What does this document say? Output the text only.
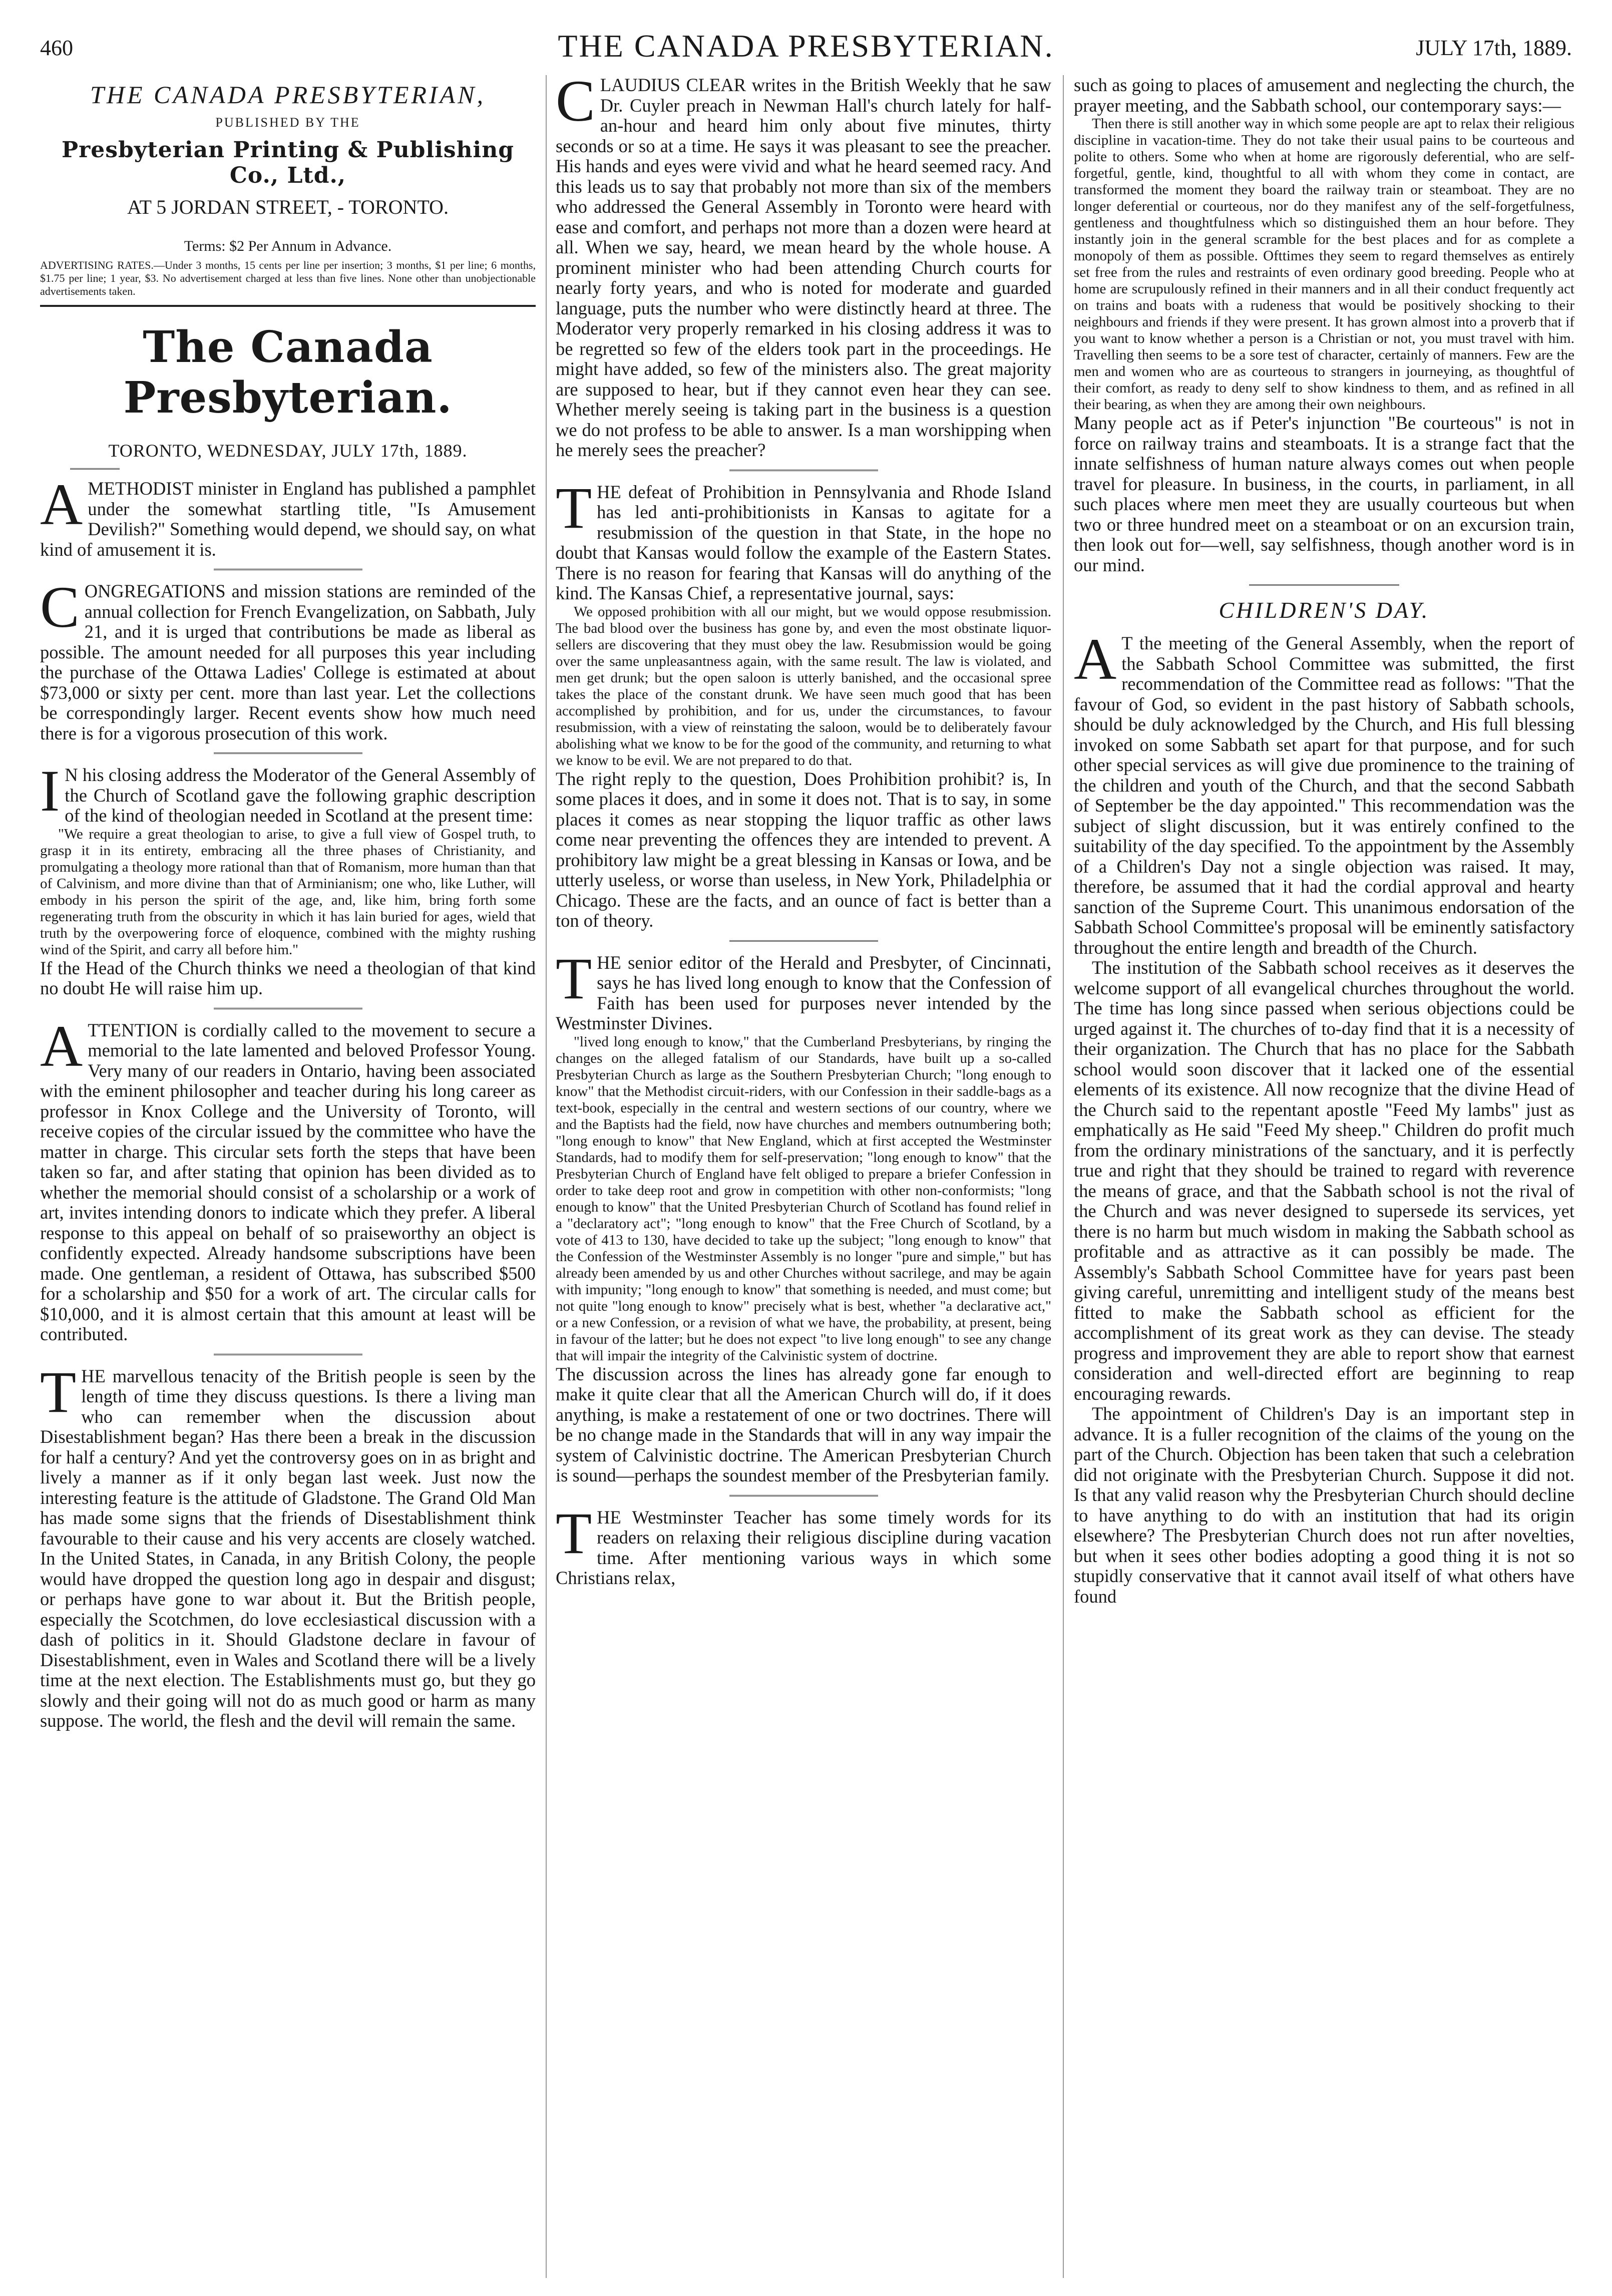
460	THE CANADA PRESBYTERIAN.	JULY 17th, 1889.
THE CANADA PRESBYTERIAN,
PUBLISHED BY THE
Presbyterian Printing & Publishing Co., Ltd.,
AT 5 JORDAN STREET, - TORONTO.
Terms: $2 Per Annum in Advance.
ADVERTISING RATES.—Under 3 months, 15 cents per line per insertion; 3 months, $1 per line; 6 months, $1.75 per line; 1 year, $3. No advertisement charged at less than five lines. None other than unobjectionable advertisements taken.
The Canada Presbyterian.
TORONTO, WEDNESDAY, JULY 17th, 1889.

AMETHODIST minister in England has published a pamphlet under the somewhat startling title, "Is Amusement Devilish?" Something would depend, we should say, on what kind of amusement it is.

CONGREGATIONS and mission stations are reminded of the annual collection for French Evangelization, on Sabbath, July 21, and it is urged that contributions be made as liberal as possible. The amount needed for all purposes this year including the purchase of the Ottawa Ladies' College is estimated at about $73,000 or sixty per cent. more than last year. Let the collections be correspondingly larger. Recent events show how much need there is for a vigorous prosecution of this work.

I N his closing address the Moderator of the General Assembly of the Church of Scotland gave the following graphic description of the kind of theologian needed in Scotland at the present time:

"We require a great theologian to arise, to give a full view of Gospel truth, to grasp it in its entirety, embracing all the three phases of Christianity, and promulgating a theology more rational than that of Romanism, more human than that of Calvinism, and more divine than that of Arminianism; one who, like Luther, will embody in his person the spirit of the age, and, like him, bring forth some regenerating truth from the obscurity in which it has lain buried for ages, wield that truth by the overpowering force of eloquence, combined with the mighty rushing wind of the Spirit, and carry all before him."

If the Head of the Church thinks we need a theologian of that kind no doubt He will raise him up.

ATTENTION is cordially called to the movement to secure a memorial to the late lamented and beloved Professor Young. Very many of our readers in Ontario, having been associated with the eminent philosopher and teacher during his long career as professor in Knox College and the University of Toronto, will receive copies of the circular issued by the committee who have the matter in charge. This circular sets forth the steps that have been taken so far, and after stating that opinion has been divided as to whether the memorial should consist of a scholarship or a work of art, invites intending donors to indicate which they prefer. A liberal response to this appeal on behalf of so praiseworthy an object is confidently expected. Already handsome subscriptions have been made. One gentleman, a resident of Ottawa, has subscribed $500 for a scholarship and $50 for a work of art. The circular calls for $10,000, and it is almost certain that this amount at least will be contributed.

THE marvellous tenacity of the British people is seen by the length of time they discuss questions. Is there a living man who can remember when the discussion about Disestablishment began? Has there been a break in the discussion for half a century? And yet the controversy goes on in as bright and lively a manner as if it only began last week. Just now the interesting feature is the attitude of Gladstone. The Grand Old Man has made some signs that the friends of Disestablishment think favourable to their cause and his very accents are closely watched. In the United States, in Canada, in any British Colony, the people would have dropped the question long ago in despair and disgust; or perhaps have gone to war about it. But the British people, especially the Scotchmen, do love ecclesiastical discussion with a dash of politics in it. Should Gladstone declare in favour of Disestablishment, even in Wales and Scotland there will be a lively time at the next election. The Establishments must go, but they go slowly and their going will not do as much good or harm as many suppose. The world, the flesh and the devil will remain the same.

CLAUDIUS CLEAR writes in the British Weekly that he saw Dr. Cuyler preach in Newman Hall's church lately for half-an-hour and heard him only about five minutes, thirty seconds or so at a time. He says it was pleasant to see the preacher. His hands and eyes were vivid and what he heard seemed racy. And this leads us to say that probably not more than six of the members who addressed the General Assembly in Toronto were heard with ease and comfort, and perhaps not more than a dozen were heard at all. When we say, heard, we mean heard by the whole house. A prominent minister who had been attending Church courts for nearly forty years, and who is noted for moderate and guarded language, puts the number who were distinctly heard at three. The Moderator very properly remarked in his closing address it was to be regretted so few of the elders took part in the proceedings. He might have added, so few of the ministers also. The great majority are supposed to hear, but if they cannot even hear they can see. Whether merely seeing is taking part in the business is a question we do not profess to be able to answer. Is a man worshipping when he merely sees the preacher?

THE defeat of Prohibition in Pennsylvania and Rhode Island has led anti-prohibitionists in Kansas to agitate for a resubmission of the question in that State, in the hope no doubt that Kansas would follow the example of the Eastern States. There is no reason for fearing that Kansas will do anything of the kind. The Kansas Chief, a representative journal, says:

We opposed prohibition with all our might, but we would oppose resubmission. The bad blood over the business has gone by, and even the most obstinate liquor-sellers are discovering that they must obey the law. Resubmission would be going over the same unpleasantness again, with the same result. The law is violated, and men get drunk; but the open saloon is utterly banished, and the occasional spree takes the place of the constant drunk. We have seen much good that has been accomplished by prohibition, and for us, under the circumstances, to favour resubmission, with a view of reinstating the saloon, would be to deliberately favour abolishing what we know to be for the good of the community, and returning to what we know to be evil. We are not prepared to do that.

The right reply to the question, Does Prohibition prohibit? is, In some places it does, and in some it does not. That is to say, in some places it comes as near stopping the liquor traffic as other laws come near preventing the offences they are intended to prevent. A prohibitory law might be a great blessing in Kansas or Iowa, and be utterly useless, or worse than useless, in New York, Philadelphia or Chicago. These are the facts, and an ounce of fact is better than a ton of theory.

THE senior editor of the Herald and Presbyter, of Cincinnati, says he has lived long enough to know that the Confession of Faith has been used for purposes never intended by the Westminster Divines.

"lived long enough to know," that the Cumberland Presbyterians, by ringing the changes on the alleged fatalism of our Standards, have built up a so-called Presbyterian Church as large as the Southern Presbyterian Church; "long enough to know" that the Methodist circuit-riders, with our Confession in their saddle-bags as a text-book, especially in the central and western sections of our country, where we and the Baptists had the field, now have churches and members outnumbering both; "long enough to know" that New England, which at first accepted the Westminster Standards, had to modify them for self-preservation; "long enough to know" that the Presbyterian Church of England have felt obliged to prepare a briefer Confession in order to take deep root and grow in competition with other non-conformists; "long enough to know" that the United Presbyterian Church of Scotland has found relief in a "declaratory act"; "long enough to know" that the Free Church of Scotland, by a vote of 413 to 130, have decided to take up the subject; "long enough to know" that the Confession of the Westminster Assembly is no longer "pure and simple," but has already been amended by us and other Churches without sacrilege, and may be again with impunity; "long enough to know" that something is needed, and must come; but not quite "long enough to know" precisely what is best, whether "a declarative act," or a new Confession, or a revision of what we have, the probability, at present, being in favour of the latter; but he does not expect "to live long enough" to see any change that will impair the integrity of the Calvinistic system of doctrine.

The discussion across the lines has already gone far enough to make it quite clear that all the American Church will do, if it does anything, is make a restatement of one or two doctrines. There will be no change made in the Standards that will in any way impair the system of Calvinistic doctrine. The American Presbyterian Church is sound—perhaps the soundest member of the Presbyterian family.

THE Westminster Teacher has some timely words for its readers on relaxing their religious discipline during vacation time. After mentioning various ways in which some Christians relax,

such as going to places of amusement and neglecting the church, the prayer meeting, and the Sabbath school, our contemporary says:—

Then there is still another way in which some people are apt to relax their religious discipline in vacation-time. They do not take their usual pains to be courteous and polite to others. Some who when at home are rigorously deferential, who are self-forgetful, gentle, kind, thoughtful to all with whom they come in contact, are transformed the moment they board the railway train or steamboat. They are no longer deferential or courteous, nor do they manifest any of the self-forgetfulness, gentleness and thoughtfulness which so distinguished them an hour before. They instantly join in the general scramble for the best places and for as complete a monopoly of them as possible. Ofttimes they seem to regard themselves as entirely set free from the rules and restraints of even ordinary good breeding. People who at home are scrupulously refined in their manners and in all their conduct frequently act on trains and boats with a rudeness that would be positively shocking to their neighbours and friends if they were present. It has grown almost into a proverb that if you want to know whether a person is a Christian or not, you must travel with him. Travelling then seems to be a sore test of character, certainly of manners. Few are the men and women who are as courteous to strangers in journeying, as thoughtful of their comfort, as ready to deny self to show kindness to them, and as refined in all their bearing, as when they are among their own neighbours.

Many people act as if Peter's injunction "Be courteous" is not in force on railway trains and steamboats. It is a strange fact that the innate selfishness of human nature always comes out when people travel for pleasure. In business, in the courts, in parliament, in all such places where men meet they are usually courteous but when two or three hundred meet on a steamboat or on an excursion train, then look out for—well, say selfishness, though another word is in our mind.

CHILDREN'S DAY.

A T the meeting of the General Assembly, when the report of the Sabbath School Committee was submitted, the first recommendation of the Committee read as follows: "That the favour of God, so evident in the past history of Sabbath schools, should be duly acknowledged by the Church, and His full blessing invoked on some Sabbath set apart for that purpose, and for such other special services as will give due prominence to the training of the children and youth of the Church, and that the second Sabbath of September be the day appointed." This recommendation was the subject of slight discussion, but it was entirely confined to the suitability of the day specified. To the appointment by the Assembly of a Children's Day not a single objection was raised. It may, therefore, be assumed that it had the cordial approval and hearty sanction of the Supreme Court. This unanimous endorsation of the Sabbath School Committee's proposal will be eminently satisfactory throughout the entire length and breadth of the Church.

The institution of the Sabbath school receives as it deserves the welcome support of all evangelical churches throughout the world. The time has long since passed when serious objections could be urged against it. The churches of to-day find that it is a necessity of their organization. The Church that has no place for the Sabbath school would soon discover that it lacked one of the essential elements of its existence. All now recognize that the divine Head of the Church said to the repentant apostle "Feed My lambs" just as emphatically as He said "Feed My sheep." Children do profit much from the ordinary ministrations of the sanctuary, and it is perfectly true and right that they should be trained to regard with reverence the means of grace, and that the Sabbath school is not the rival of the Church and was never designed to supersede its services, yet there is no harm but much wisdom in making the Sabbath school as profitable and as attractive as it can possibly be made. The Assembly's Sabbath School Committee have for years past been giving careful, unremitting and intelligent study of the means best fitted to make the Sabbath school as efficient for the accomplishment of its great work as they can devise. The steady progress and improvement they are able to report show that earnest consideration and well-directed effort are beginning to reap encouraging rewards.

The appointment of Children's Day is an important step in advance. It is a fuller recognition of the claims of the young on the part of the Church. Objection has been taken that such a celebration did not originate with the Presbyterian Church. Suppose it did not. Is that any valid reason why the Presbyterian Church should decline to have anything to do with an institution that had its origin elsewhere? The Presbyterian Church does not run after novelties, but when it sees other bodies adopting a good thing it is not so stupidly conservative that it cannot avail itself of what others have found
